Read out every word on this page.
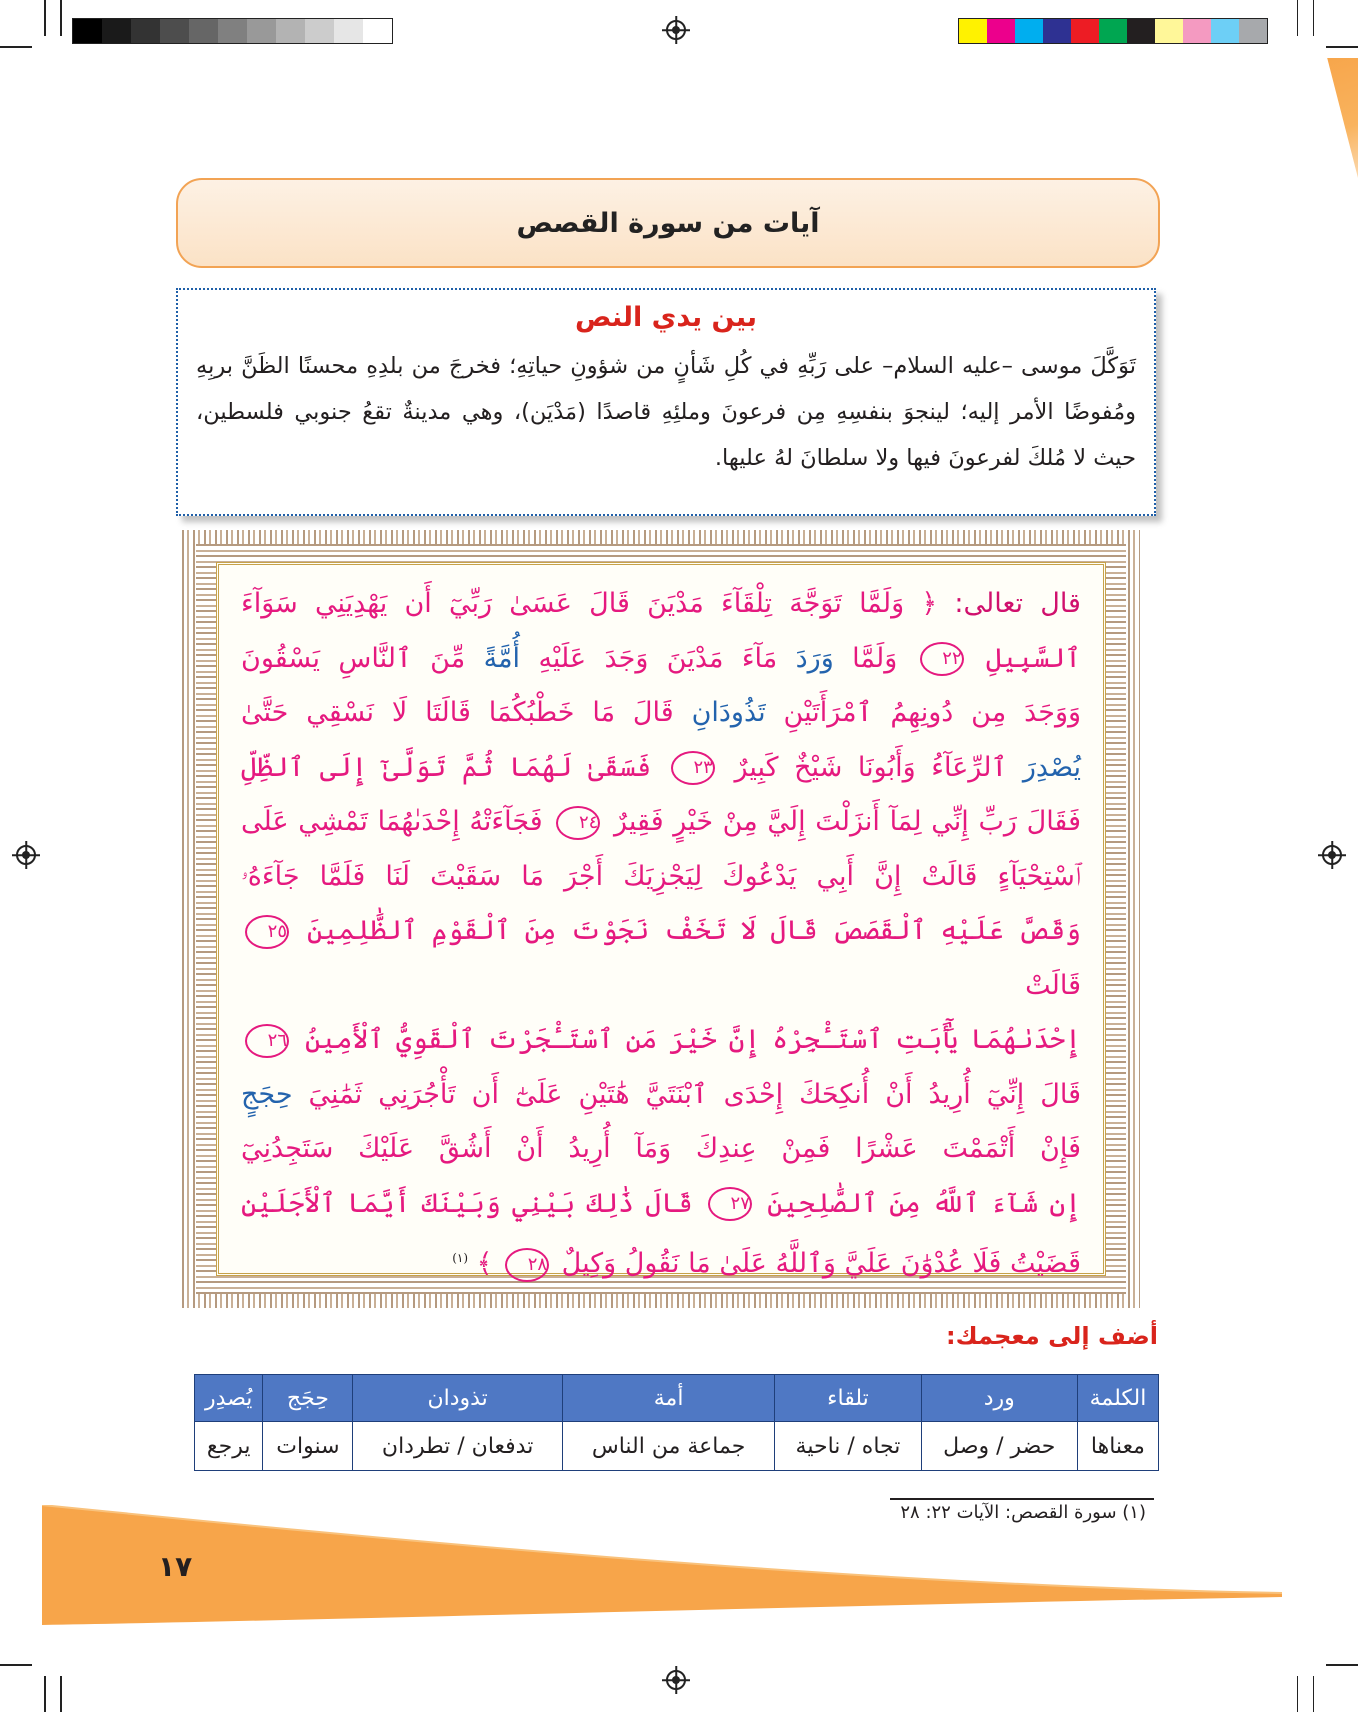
آيات من سورة القصص
بين يدي النص

تَوَكَّلَ موسى –عليه السلام– على رَبِّهِ في كُلِ شَأنٍ من شؤونِ حياتِهِ؛ فخرجَ من بلدِهِ محسنًا الظَنَّ بربِهِ ومُفوضًا الأمر إليه؛ لينجوَ بنفسِهِ مِن فرعونَ وملئِهِ قاصدًا (مَدْيَن)، وهي مدينةٌ تقعُ جنوبي فلسطين، حيث لا مُلكَ لفرعونَ فيها ولا سلطانَ لهُ عليها.

قال تعالى: ﴿ وَلَمَّا تَوَجَّهَ تِلْقَآءَ مَدْيَنَ قَالَ عَسَىٰ رَبِّيٓ أَن يَهْدِيَنِي سَوَآءَ

ٱلسَّبِيلِ ٢٢ وَلَمَّا وَرَدَ مَآءَ مَدْيَنَ وَجَدَ عَلَيْهِ أُمَّةً مِّنَ ٱلنَّاسِ يَسْقُونَ

وَوَجَدَ مِن دُونِهِمُ ٱمْرَأَتَيْنِ تَذُودَانِ قَالَ مَا خَطْبُكُمَا قَالَتَا لَا نَسْقِي حَتَّىٰ

يُصْدِرَ ٱلرِّعَآءُ وَأَبُونَا شَيْخٌ كَبِيرٌ ٢٣ فَسَقَىٰ لَهُمَا ثُمَّ تَوَلَّىٰٓ إِلَى ٱلظِّلِّ

فَقَالَ رَبِّ إِنِّي لِمَآ أَنزَلْتَ إِلَيَّ مِنْ خَيْرٍ فَقِيرٌ ٢٤ فَجَآءَتْهُ إِحْدَىٰهُمَا تَمْشِي عَلَى

ٱسْتِحْيَآءٍ قَالَتْ إِنَّ أَبِي يَدْعُوكَ لِيَجْزِيَكَ أَجْرَ مَا سَقَيْتَ لَنَا فَلَمَّا جَآءَهُۥ

وَقَصَّ عَلَيْهِ ٱلْقَصَصَ قَالَ لَا تَخَفْ نَجَوْتَ مِنَ ٱلْقَوْمِ ٱلظَّٰلِمِينَ ٢٥ قَالَتْ

إِحْدَىٰهُمَا يَٰٓأَبَتِ ٱسْتَـْٔجِرْهُ إِنَّ خَيْرَ مَنِ ٱسْتَـْٔجَرْتَ ٱلْقَوِيُّ ٱلْأَمِينُ ٢٦

قَالَ إِنِّيٓ أُرِيدُ أَنْ أُنكِحَكَ إِحْدَى ٱبْنَتَيَّ هَٰتَيْنِ عَلَىٰٓ أَن تَأْجُرَنِي ثَمَٰنِيَ حِجَجٍ

فَإِنْ أَتْمَمْتَ عَشْرًا فَمِنْ عِندِكَ وَمَآ أُرِيدُ أَنْ أَشُقَّ عَلَيْكَ سَتَجِدُنِيٓ

إِن شَآءَ ٱللَّهُ مِنَ ٱلصَّٰلِحِينَ ٢٧ قَالَ ذَٰلِكَ بَيْنِي وَبَيْنَكَ أَيَّمَا ٱلْأَجَلَيْنِ

قَضَيْتُ فَلَا عُدْوَٰنَ عَلَيَّ وَٱللَّهُ عَلَىٰ مَا نَقُولُ وَكِيلٌ ٢٨ ﴾ $^{(١)}$

أضف إلى معجمك:
الكلمة	ورد	تلقاء	أمة	تذودان	حِجَج	يُصدِر
معناها	حضر / وصل	تجاه / ناحية	جماعة من الناس	تدفعان / تطردان	سنوات	يرجع
(١) سورة القصص: الآيات ٢٢: ٢٨
١٧
